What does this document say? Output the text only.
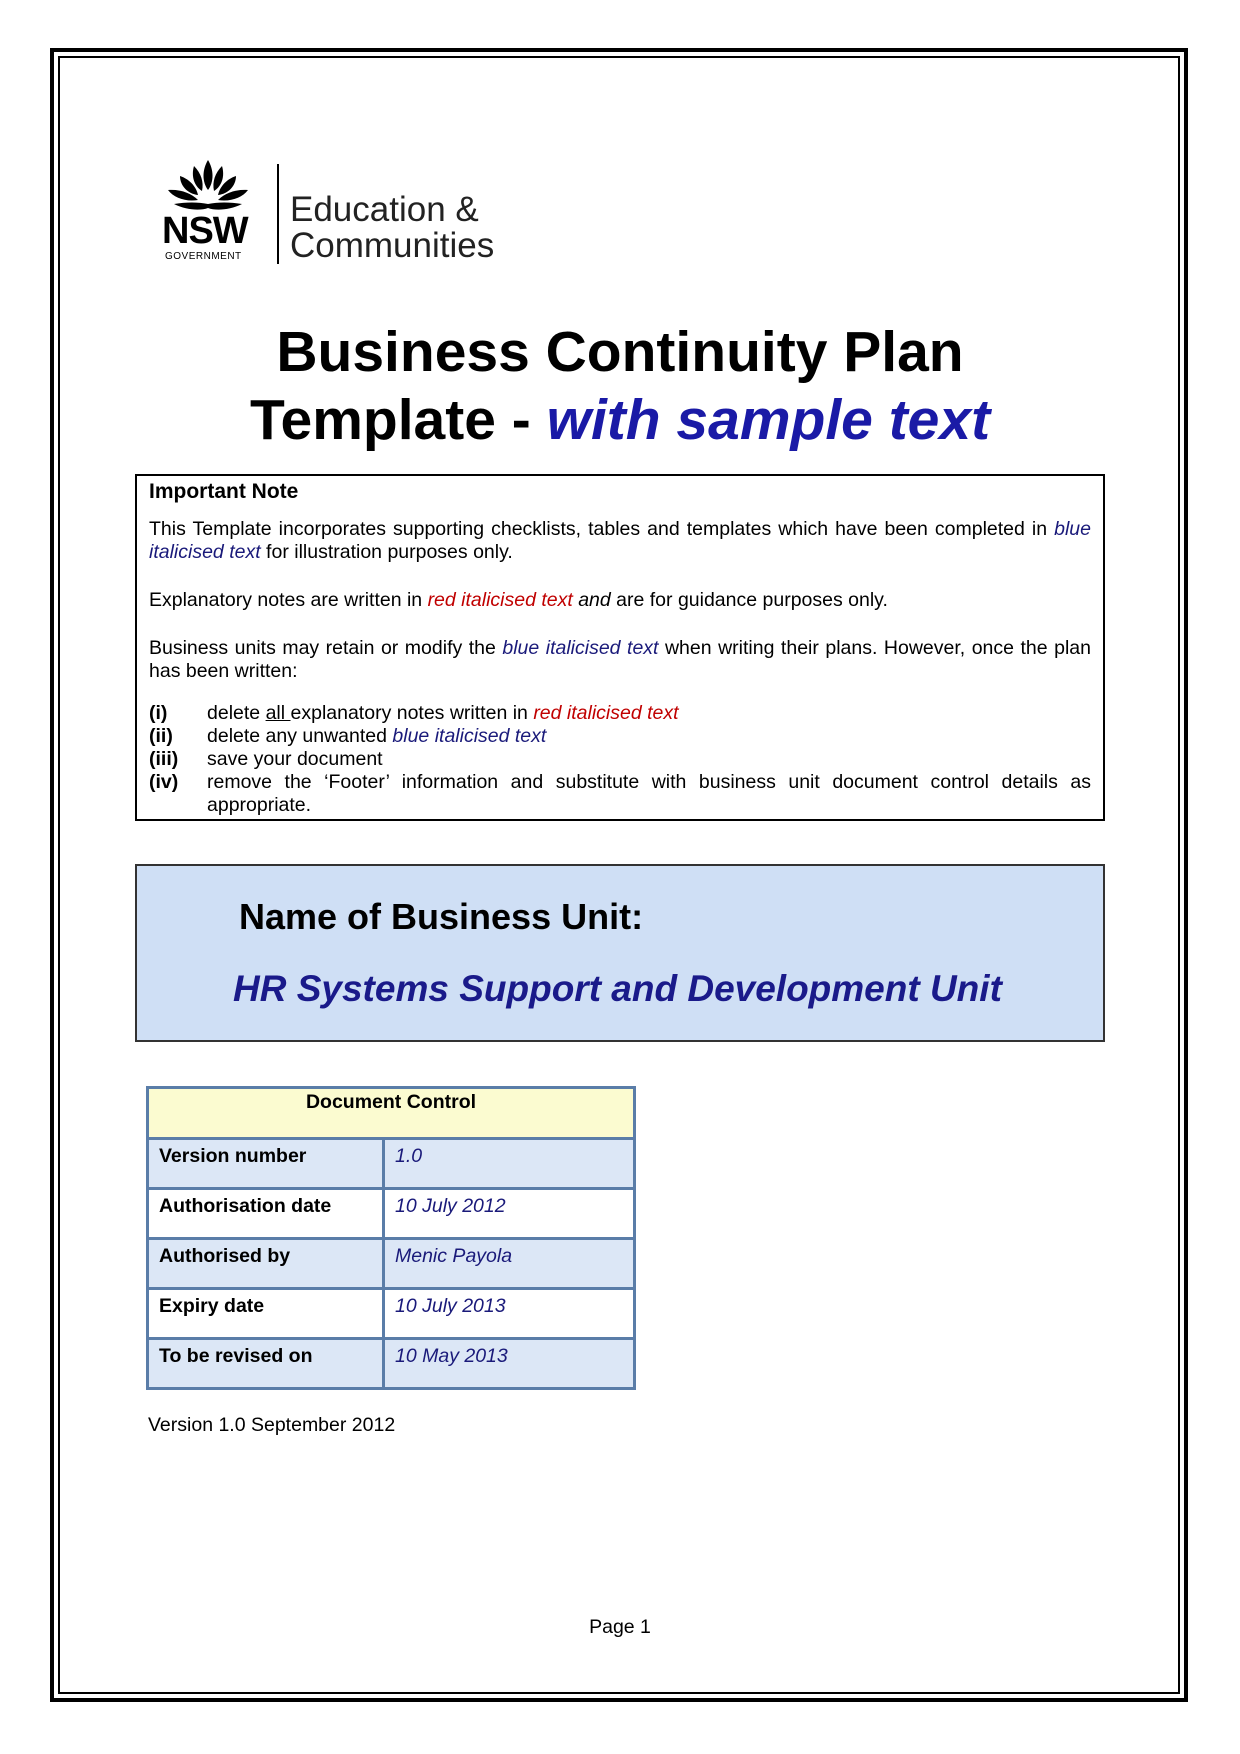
NSW
GOVERNMENT
Education &
Communities
Business Continuity Plan
Template - with sample text
Important Note

This Template incorporates supporting checklists, tables and templates which have been completed in blue italicised text for illustration purposes only.

Explanatory notes are written in red italicised text and are for guidance purposes only.

Business units may retain or modify the blue italicised text when writing their plans. However, once the plan has been written:

(i)	delete all explanatory notes written in red italicised text
(ii)	delete any unwanted blue italicised text
(iii)	save your document
(iv)	remove the ‘Footer’ information and substitute with business unit document control details as appropriate.
Name of Business Unit:
HR Systems Support and Development Unit
Document Control	
Version number	1.0
Authorisation date	10 July 2012
Authorised by	Menic Payola
Expiry date	10 July 2013
To be revised on	10 May 2013
Version 1.0 September 2012
Page 1
